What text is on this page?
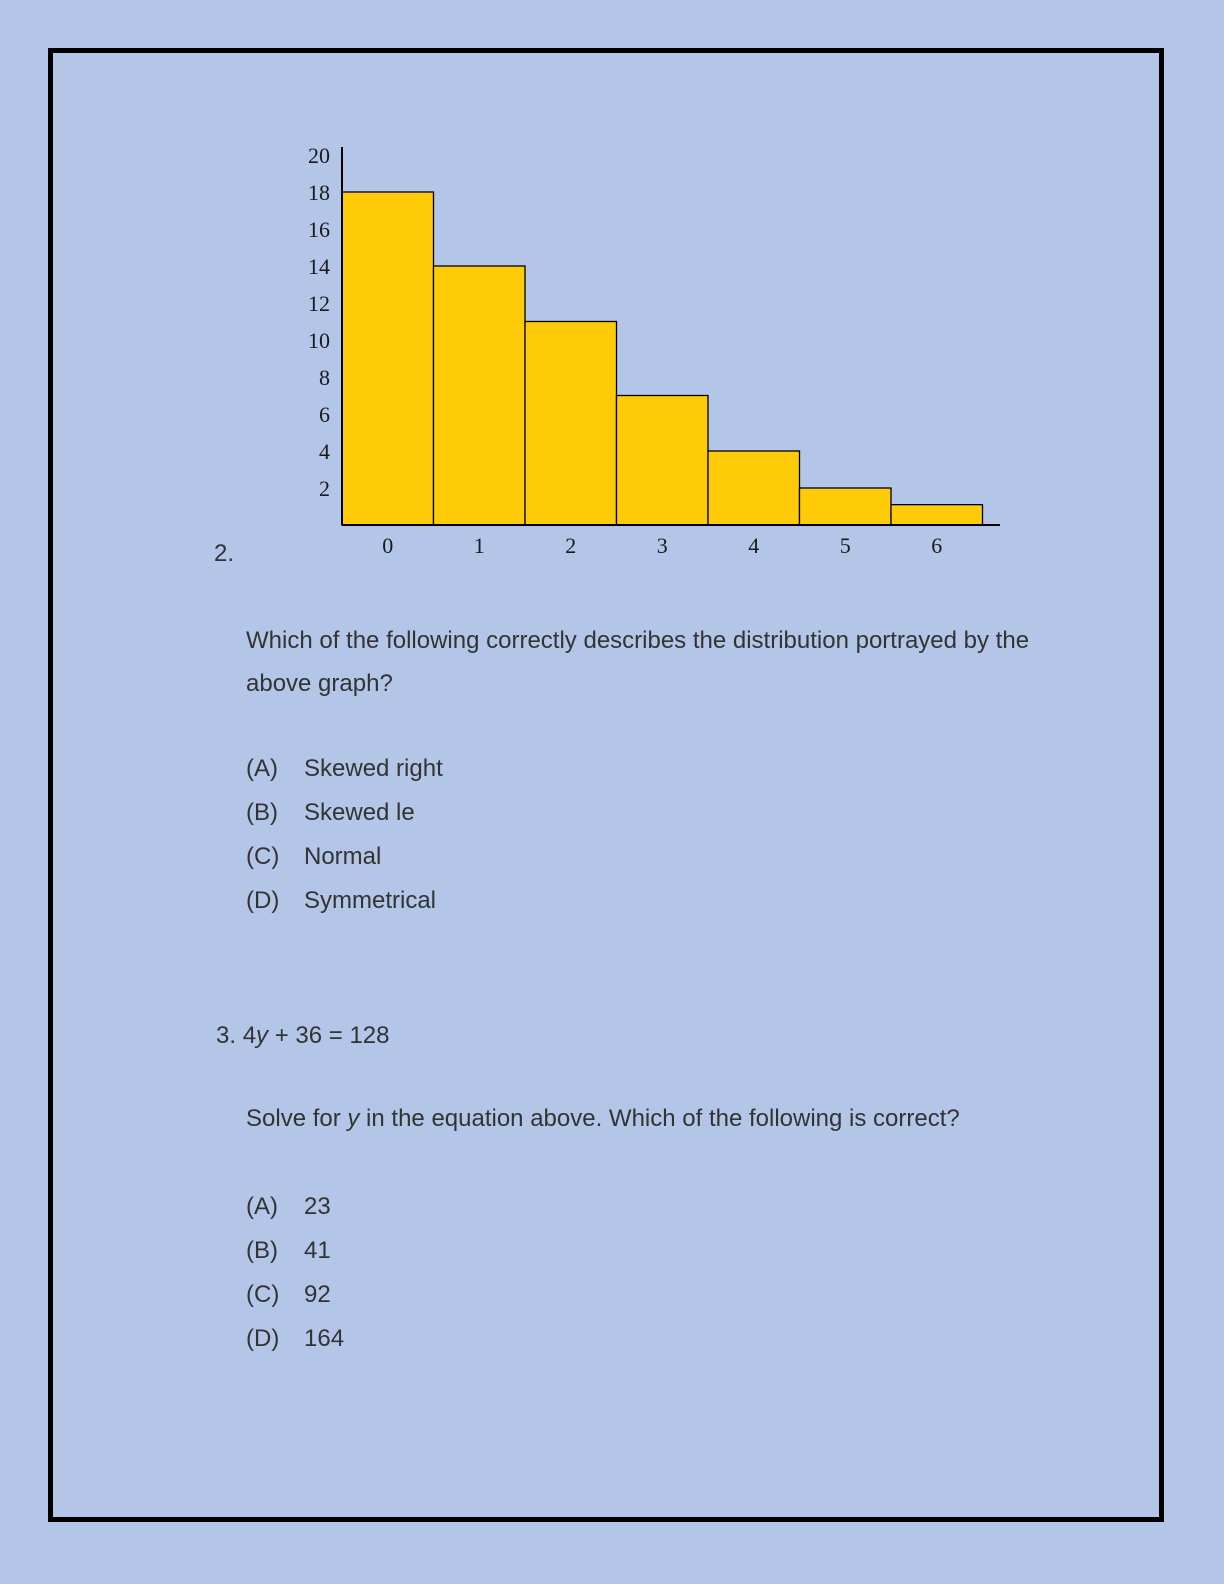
2
4
6
8
10
12
14
16
18
20
0	1	2	3	4	5	6
2.
Which of the following correctly describes the distribution portrayed by the above graph?
(A) Skewed right
(B) Skewed le
(C) Normal
(D) Symmetrical
3. 4y + 36 = 128
Solve for y in the equation above. Which of the following is correct?
(A) 23
(B) 41
(C) 92
(D) 164
